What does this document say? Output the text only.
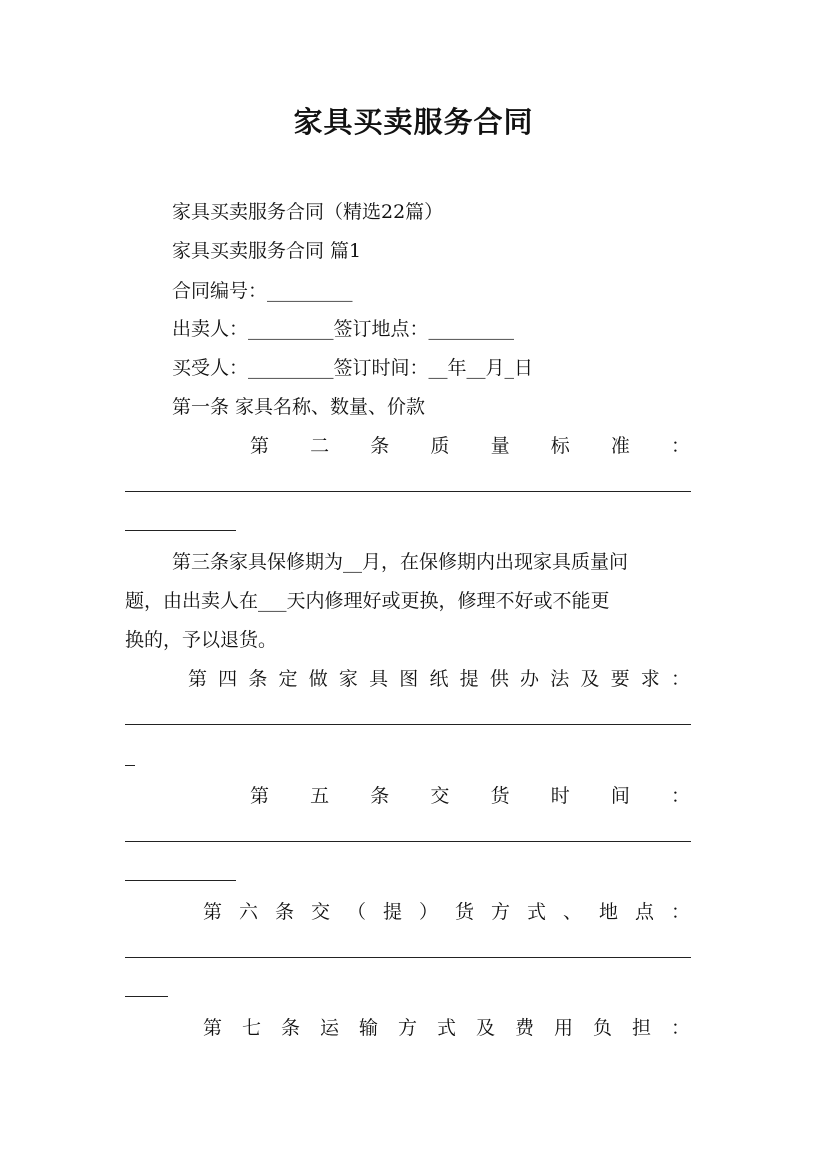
家具买卖服务合同
家具买卖服务合同（精选22篇）
家具买卖服务合同 篇1
合同编号：_________
出卖人：_________签订地点：_________
买受人：_________签订时间：__年__月_日
第一条 家具名称、数量、价款
第 二 条 质 量 标 准 ：
第三条家具保修期为__月，在保修期内出现家具质量问
题，由出卖人在___天内修理好或更换，修理不好或不能更
换的，予以退货。
第 四 条 定 做 家 具 图 纸 提 供 办 法 及 要 求 ：
第 五 条 交 货 时 间 ：
第 六 条 交 （ 提 ） 货 方 式 、 地 点 ：
第 七 条 运 输 方 式 及 费 用 负 担 ：
